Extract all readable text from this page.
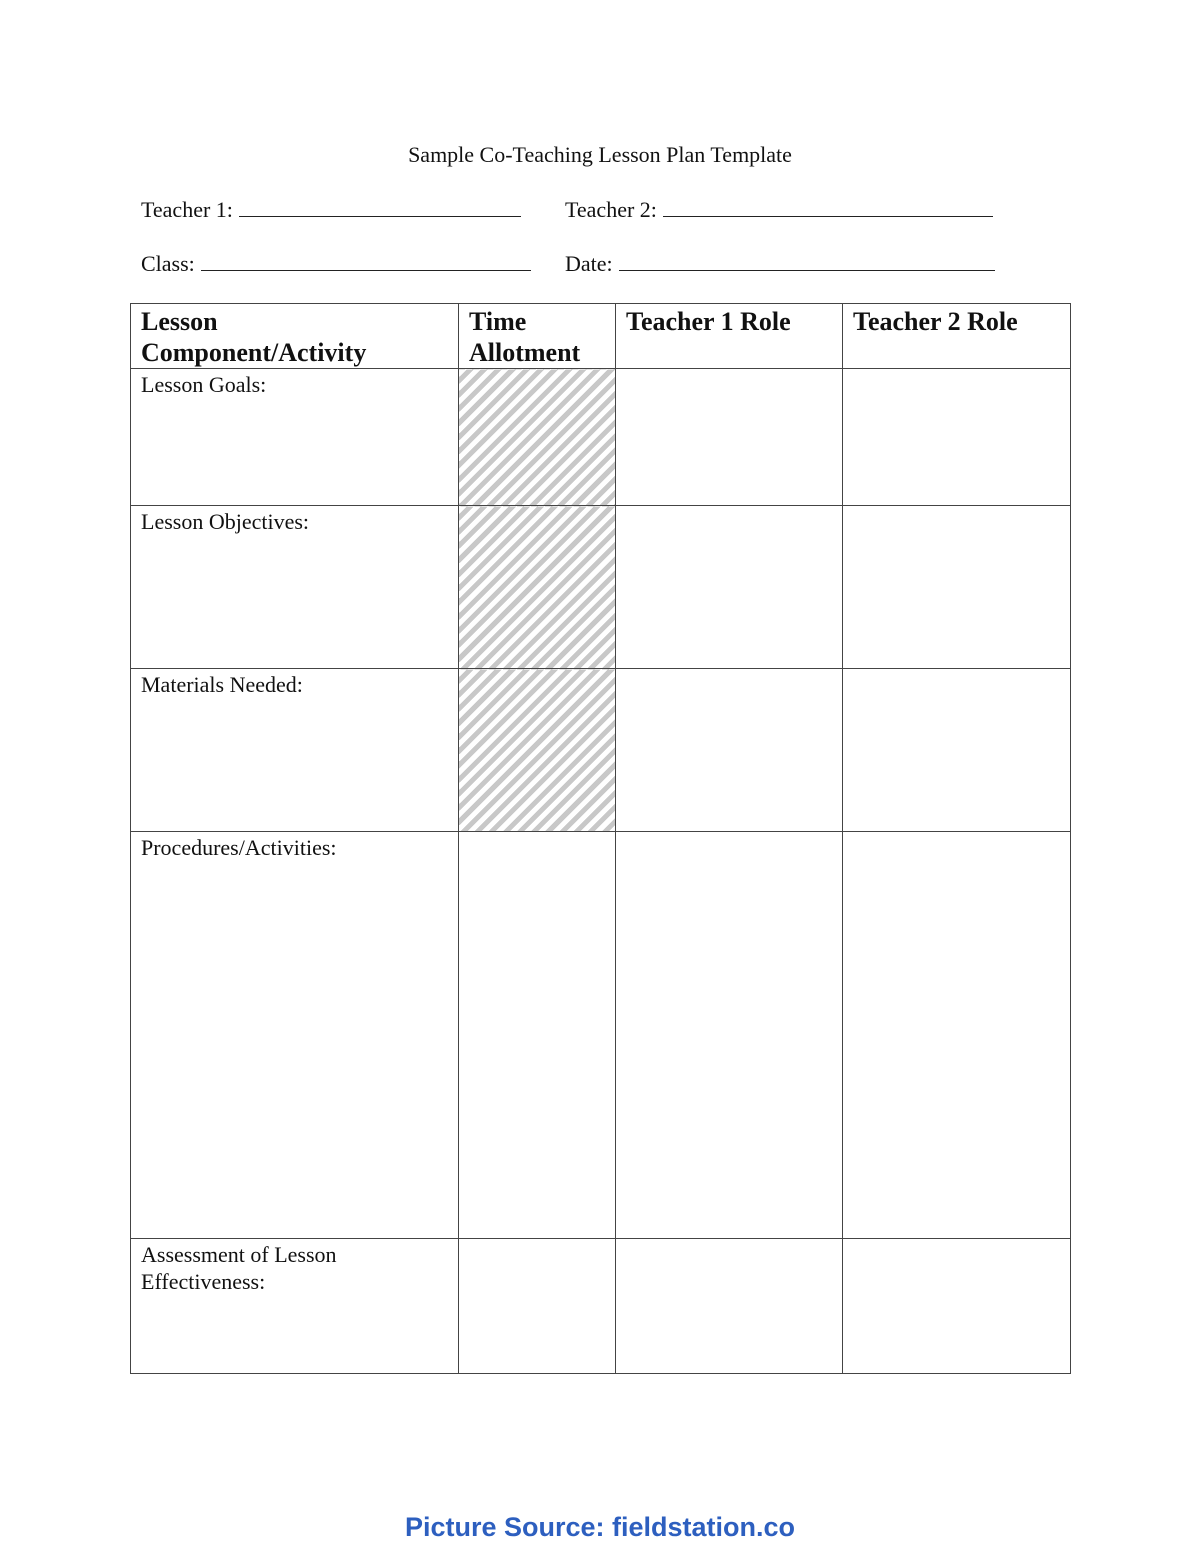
Sample Co-Teaching Lesson Plan Template
Teacher 1:	Teacher 2:
Class:	Date:
Lesson Component/Activity	Time Allotment	Teacher 1 Role	Teacher 2 Role
Lesson Goals:			
Lesson Objectives:			
Materials Needed:			
Procedures/Activities:			
Assessment of Lesson Effectiveness:			
Picture Source: fieldstation.co
